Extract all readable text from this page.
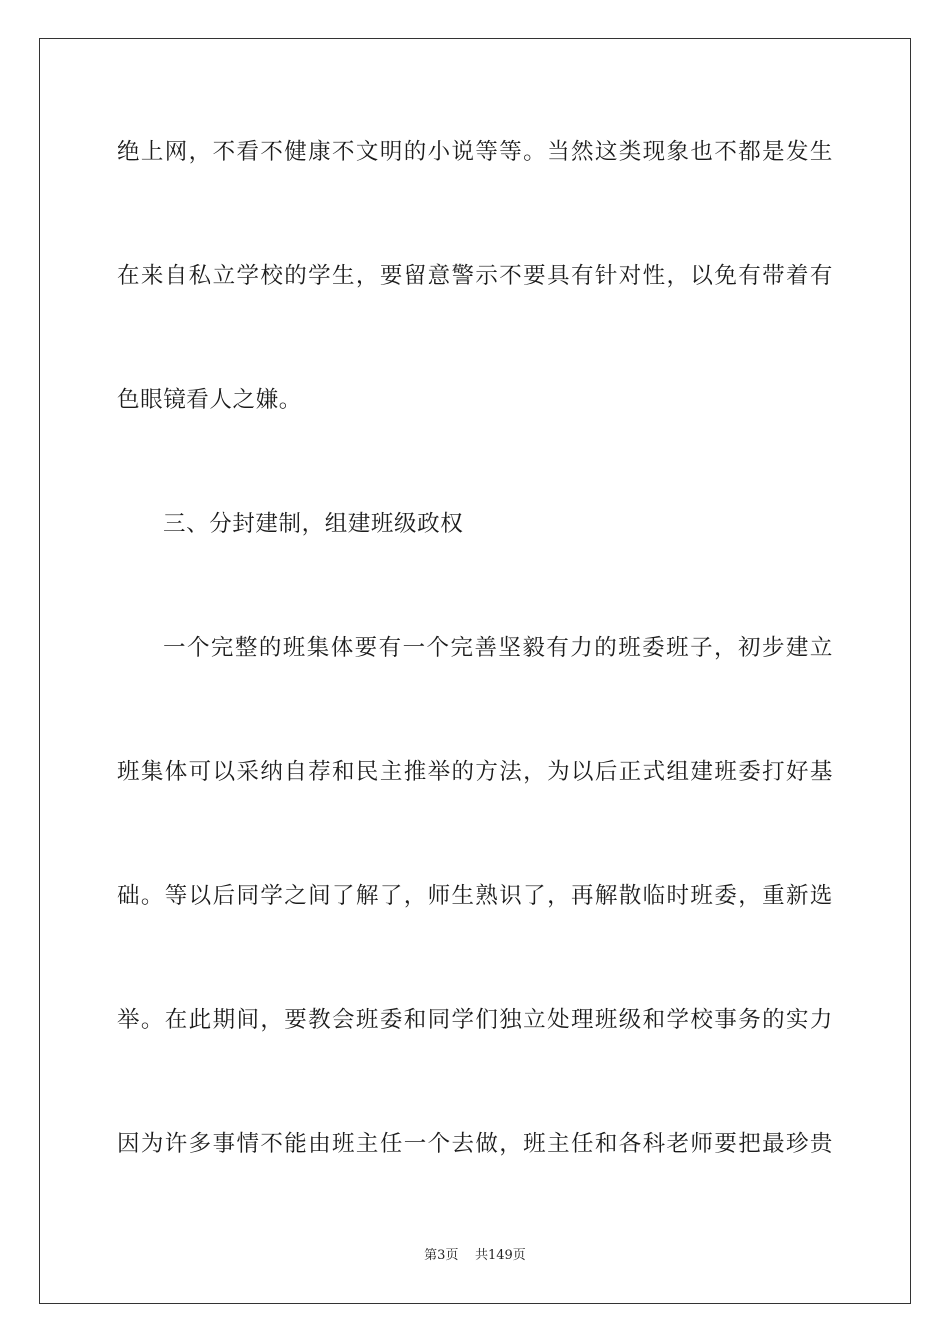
绝上网，不看不健康不文明的小说等等。当然这类现象也不都是发生
在来自私立学校的学生，要留意警示不要具有针对性，以免有带着有
色眼镜看人之嫌。
三、分封建制，组建班级政权
一个完整的班集体要有一个完善坚毅有力的班委班子，初步建立
班集体可以采纳自荐和民主推举的方法，为以后正式组建班委打好基
础。等以后同学之间了解了，师生熟识了，再解散临时班委，重新选
举。在此期间，要教会班委和同学们独立处理班级和学校事务的实力
因为许多事情不能由班主任一个去做，班主任和各科老师要把最珍贵
第3页 共149页
